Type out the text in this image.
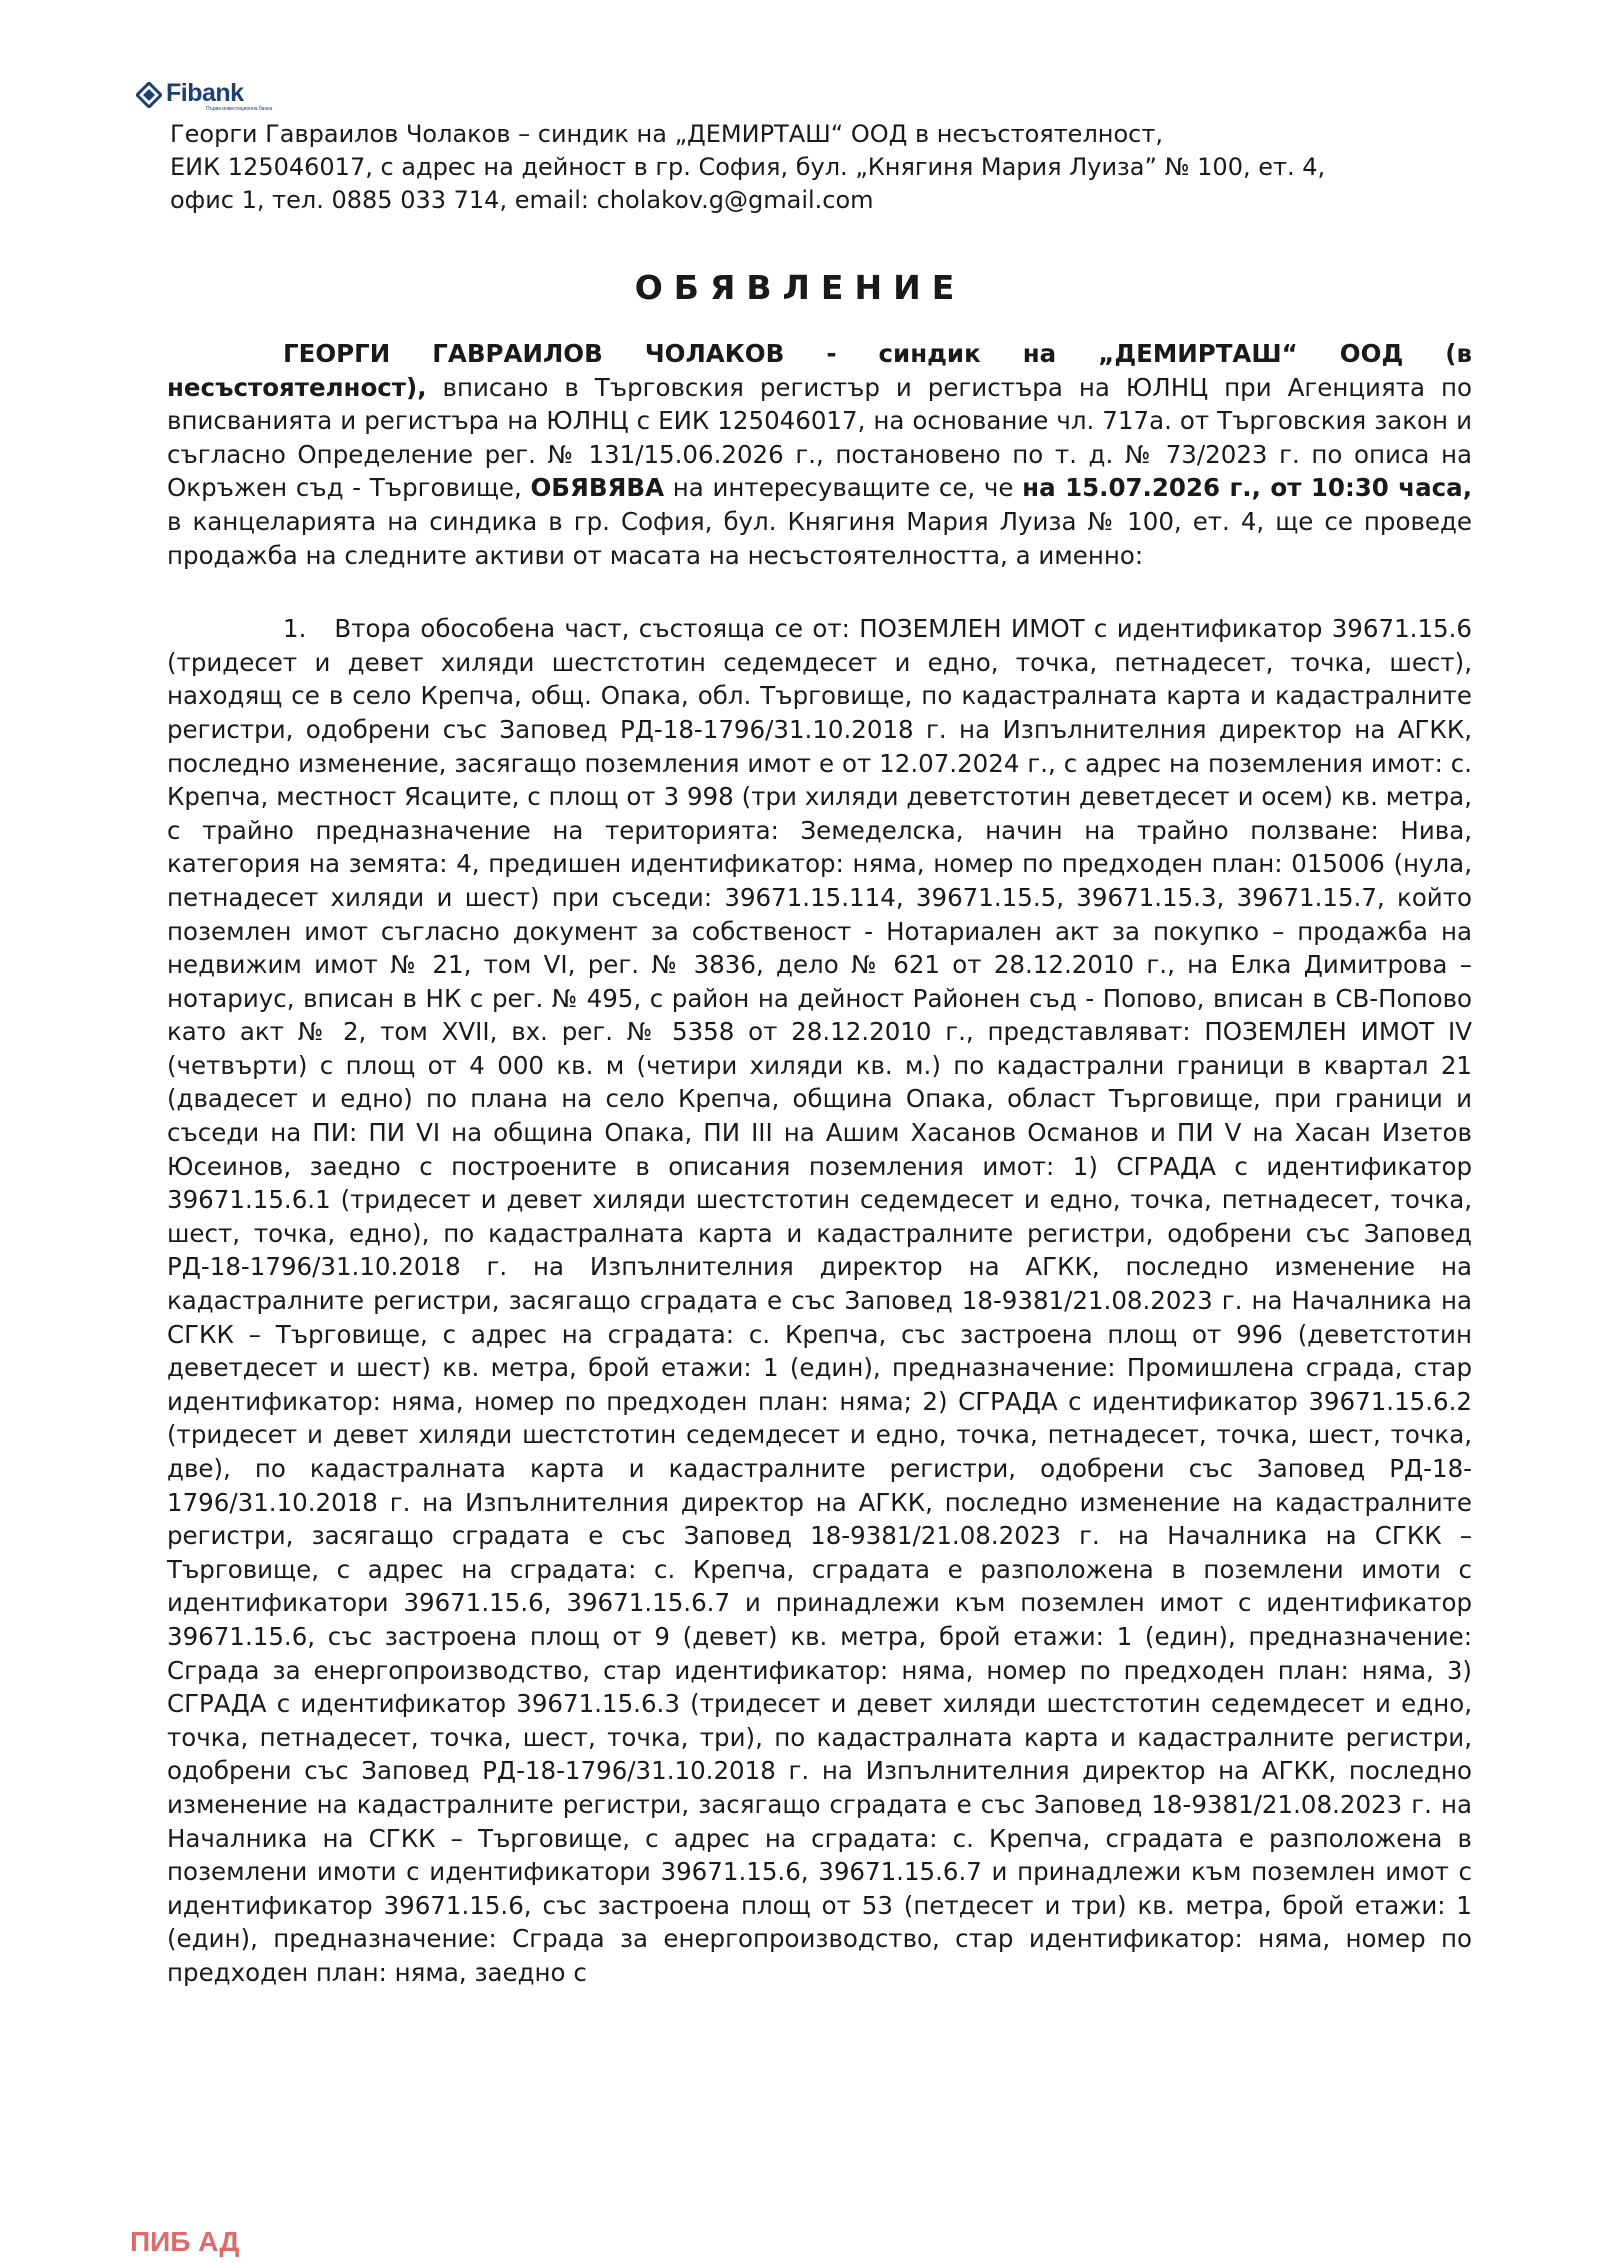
Fibank
Първа инвестиционна банка

Георги Гавраилов Чолаков – синдик на „ДЕМИРТАШ“ ООД в несъстоятелност,

ЕИК 125046017, с адрес на дейност в гр. София, бул. „Княгиня Мария Луиза” № 100, ет. 4,

офис 1, тел. 0885 033 714, email: cholakov.g@gmail.com

ОБЯВЛЕНИЕ

ГЕОРГИ ГАВРАИЛОВ ЧОЛАКОВ - синдик на „ДЕМИРТАШ“ ООД (в несъстоятелност), вписано в Търговския регистър и регистъра на ЮЛНЦ при Агенцията по вписванията и регистъра на ЮЛНЦ с ЕИК 125046017, на основание чл. 717а. от Търговския закон и съгласно Определение рег. № 131/15.06.2026 г., постановено по т. д. № 73/2023 г. по описа на Окръжен съд - Търговище, ОБЯВЯВА на интересуващите се, че на 15.07.2026 г., от 10:30 часа, в канцеларията на синдика в гр. София, бул. Княгиня Мария Луиза № 100, ет. 4, ще се проведе продажба на следните активи от масата на несъстоятелността, а именно:

1. Втора обособена част, състояща се от: ПОЗЕМЛЕН ИМОТ с идентификатор 39671.15.6 (тридесет и девет хиляди шестстотин седемдесет и едно, точка, петнадесет, точка, шест), находящ се в село Крепча, общ. Опака, обл. Търговище, по кадастралната карта и кадастралните регистри, одобрени със Заповед РД-18-1796/31.10.2018 г. на Изпълнителния директор на АГКК, последно изменение, засягащо поземления имот е от 12.07.2024 г., с адрес на поземления имот: с. Крепча, местност Ясаците, с площ от 3 998 (три хиляди деветстотин деветдесет и осем) кв. метра, с трайно предназначение на територията: Земеделска, начин на трайно ползване: Нива, категория на земята: 4, предишен идентификатор: няма, номер по предходен план: 015006 (нула, петнадесет хиляди и шест) при съседи: 39671.15.114, 39671.15.5, 39671.15.3, 39671.15.7, който поземлен имот съгласно документ за собственост - Нотариален акт за покупко – продажба на недвижим имот № 21, том VI, рег. № 3836, дело № 621 от 28.12.2010 г., на Елка Димитрова – нотариус, вписан в НК с рег. № 495, с район на дейност Районен съд - Попово, вписан в СВ-Попово като акт № 2, том XVII, вх. рег. № 5358 от 28.12.2010 г., представляват: ПОЗЕМЛЕН ИМОТ IV (четвърти) с площ от 4 000 кв. м (четири хиляди кв. м.) по кадастрални граници в квартал 21 (двадесет и едно) по плана на село Крепча, община Опака, област Търговище, при граници и съседи на ПИ: ПИ VI на община Опака, ПИ III на Ашим Хасанов Османов и ПИ V на Хасан Изетов Юсеинов, заедно с построените в описания поземления имот: 1) СГРАДА с идентификатор 39671.15.6.1 (тридесет и девет хиляди шестстотин седемдесет и едно, точка, петнадесет, точка, шест, точка, едно), по кадастралната карта и кадастралните регистри, одобрени със Заповед РД-18-1796/31.10.2018 г. на Изпълнителния директор на АГКК, последно изменение на кадастралните регистри, засягащо сградата е със Заповед 18-9381/21.08.2023 г. на Началника на СГКК – Търговище, с адрес на сградата: с. Крепча, със застроена площ от 996 (деветстотин деветдесет и шест) кв. метра, брой етажи: 1 (един), предназначение: Промишлена сграда, стар идентификатор: няма, номер по предходен план: няма; 2) СГРАДА с идентификатор 39671.15.6.2 (тридесет и девет хиляди шестстотин седемдесет и едно, точка, петнадесет, точка, шест, точка, две), по кадастралната карта и кадастралните регистри, одобрени със Заповед РД-18-1796/31.10.2018 г. на Изпълнителния директор на АГКК, последно изменение на кадастралните регистри, засягащо сградата е със Заповед 18-9381/21.08.2023 г. на Началника на СГКК – Търговище, с адрес на сградата: с. Крепча, сградата е разположена в поземлени имоти с идентификатори 39671.15.6, 39671.15.6.7 и принадлежи към поземлен имот с идентификатор 39671.15.6, със застроена площ от 9 (девет) кв. метра, брой етажи: 1 (един), предназначение: Сграда за енергопроизводство, стар идентификатор: няма, номер по предходен план: няма, 3) СГРАДА с идентификатор 39671.15.6.3 (тридесет и девет хиляди шестстотин седемдесет и едно, точка, петнадесет, точка, шест, точка, три), по кадастралната карта и кадастралните регистри, одобрени със Заповед РД-18-1796/31.10.2018 г. на Изпълнителния директор на АГКК, последно изменение на кадастралните регистри, засягащо сградата е със Заповед 18-9381/21.08.2023 г. на Началника на СГКК – Търговище, с адрес на сградата: с. Крепча, сградата е разположена в поземлени имоти с идентификатори 39671.15.6, 39671.15.6.7 и принадлежи към поземлен имот с идентификатор 39671.15.6, със застроена площ от 53 (петдесет и три) кв. метра, брой етажи: 1 (един), предназначение: Сграда за енергопроизводство, стар идентификатор: няма, номер по предходен план: няма, заедно с

ПИБ АД
